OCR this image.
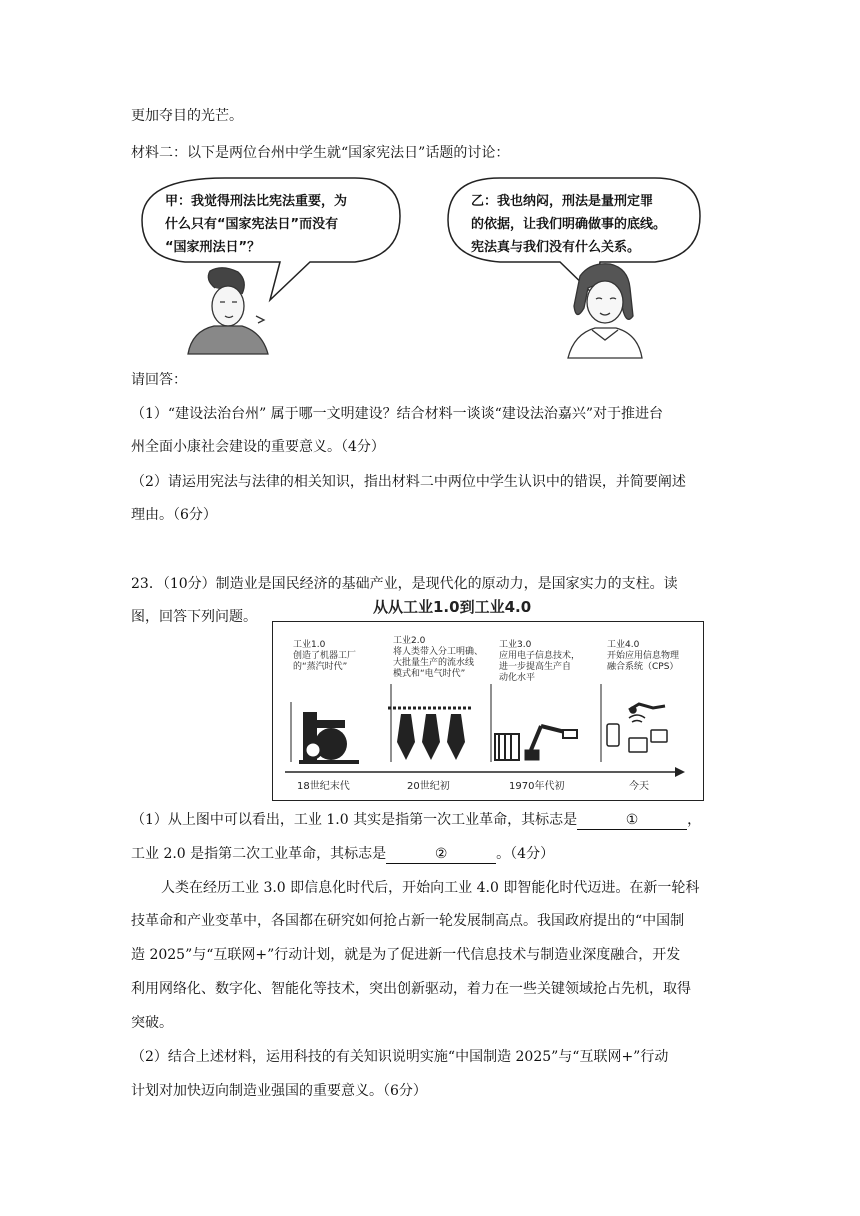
更加夺目的光芒。
材料二：以下是两位台州中学生就“国家宪法日”话题的讨论：
甲：我觉得刑法比宪法重要，为
什么只有“国家宪法日”而没有
“国家刑法日”？
乙：我也纳闷，刑法是量刑定罪
的依据，让我们明确做事的底线。
宪法真与我们没有什么关系。
请回答：
（1）“建设法治台州” 属于哪一文明建设？结合材料一谈谈“建设法治嘉兴”对于推进台
州全面小康社会建设的重要意义。（4分）
（2）请运用宪法与法律的相关知识，指出材料二中两位中学生认识中的错误，并简要阐述
理由。（6分）
23．（10分）制造业是国民经济的基础产业，是现代化的原动力，是国家实力的支柱。读
图，回答下列问题。
从从工业1.0到工业4.0
工业1.0
创造了机器工厂
的“蒸汽时代”
工业2.0
将人类带入分工明确、
大批量生产的流水线
模式和“电气时代”
工业3.0
应用电子信息技术，
进一步提高生产自
动化水平
工业4.0
开始应用信息物理
融合系统（CPS）
18世纪末代	20世纪初	1970年代初	今天
（1）从上图中可以看出，工业 1.0 其实是指第一次工业革命，其标志是	①	，
工业 2.0 是指第二次工业革命，其标志是	②	。（4分）
人类在经历工业 3.0 即信息化时代后，开始向工业 4.0 即智能化时代迈进。在新一轮科
技革命和产业变革中，各国都在研究如何抢占新一轮发展制高点。我国政府提出的“中国制
造 2025”与“互联网+”行动计划，就是为了促进新一代信息技术与制造业深度融合，开发
利用网络化、数字化、智能化等技术，突出创新驱动，着力在一些关键领域抢占先机，取得
突破。
（2）结合上述材料，运用科技的有关知识说明实施“中国制造 2025”与“互联网+”行动
计划对加快迈向制造业强国的重要意义。（6分）
